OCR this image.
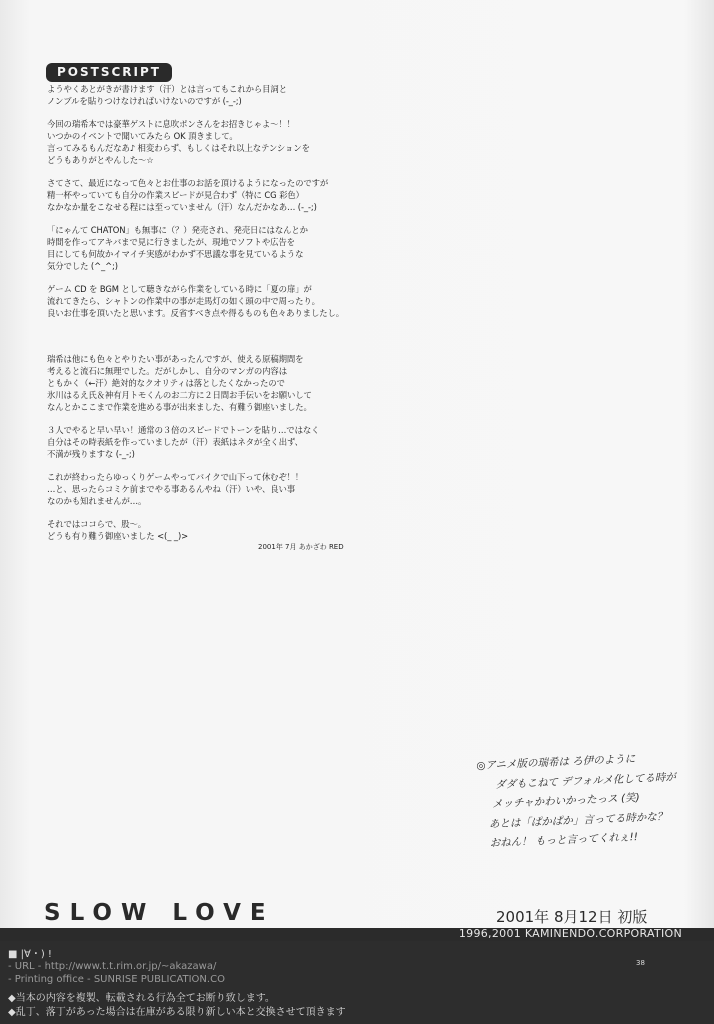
POSTSCRIPT
ようやくあとがきが書けます（汗）とは言ってもこれから目詞と
ノンブルを貼りつけなければいけないのですが (-_-;)
今回の瑞希本では豪華ゲストに息吹ポンさんをお招きじゃよ～！！
いつかのイベントで聞いてみたら OK 頂きまして。
言ってみるもんだなあ♪ 相変わらず、もしくはそれ以上なテンションを
どうもありがとやんした～☆
さてさて、最近になって色々とお仕事のお話を頂けるようになったのですが
精一杯やっていても自分の作業スピードが見合わず（特に CG 彩色）
なかなか量をこなせる程には至っていません（汗）なんだかなあ… (-_-;)
「にゃんて CHATON」も無事に（？）発売され、発売日にはなんとか
時間を作ってアキバまで見に行きましたが、現地でソフトや広告を
目にしても何故かイマイチ実感がわかず不思議な事を見ているような
気分でした (^_^;)
ゲーム CD を BGM として聴きながら作業をしている時に「夏の扉」が
流れてきたら、シャトンの作業中の事が走馬灯の如く頭の中で周ったり。
良いお仕事を頂いたと思います。反省すべき点や得るものも色々ありましたし。
瑞希は他にも色々とやりたい事があったんですが、使える原稿期間を
考えると流石に無理でした。だがしかし、自分のマンガの内容は
ともかく（←汗）絶対的なクオリティは落としたくなかったので
氷川はるえ氏＆神有月トモくんのお二方に２日間お手伝いをお願いして
なんとかここまで作業を進める事が出来ました、有難う御座いました。
３人でやると早い早い！通常の３倍のスピードでトーンを貼り…ではなく
自分はその時表紙を作っていましたが（汗）表紙はネタが全く出ず、
不満が残りますな (-_-;)
これが終わったらゆっくりゲームやってバイクで山下って休むぞ！！
…と、思ったらコミケ前までやる事あるんやね（汗）いや、良い事
なのかも知れませんが…。
それではココらで、股～。
どうも有り難う御座いました <(_ _)>
2001年 7月 あかざわ RED
◎アニメ版の瑞希は ろ伊のように
ダダもこねて デフォルメ化してる時が
メッチャかわいかったっス (笑)
あとは「ぱかぱか」言ってる時かな？
おねん！ もっと言ってくれぇ!!
SLOW LOVE	2001年 8月12日 初版
1996,2001 KAMINENDO.CORPORATION
■ |∀・) !
- URL - http://www.t.t.rim.or.jp/~akazawa/
- Printing office - SUNRISE PUBLICATION.CO
◆当本の内容を複製、転載される行為全てお断り致します。
◆乱丁、落丁があった場合は在庫がある限り新しい本と交換させて頂きます
38
